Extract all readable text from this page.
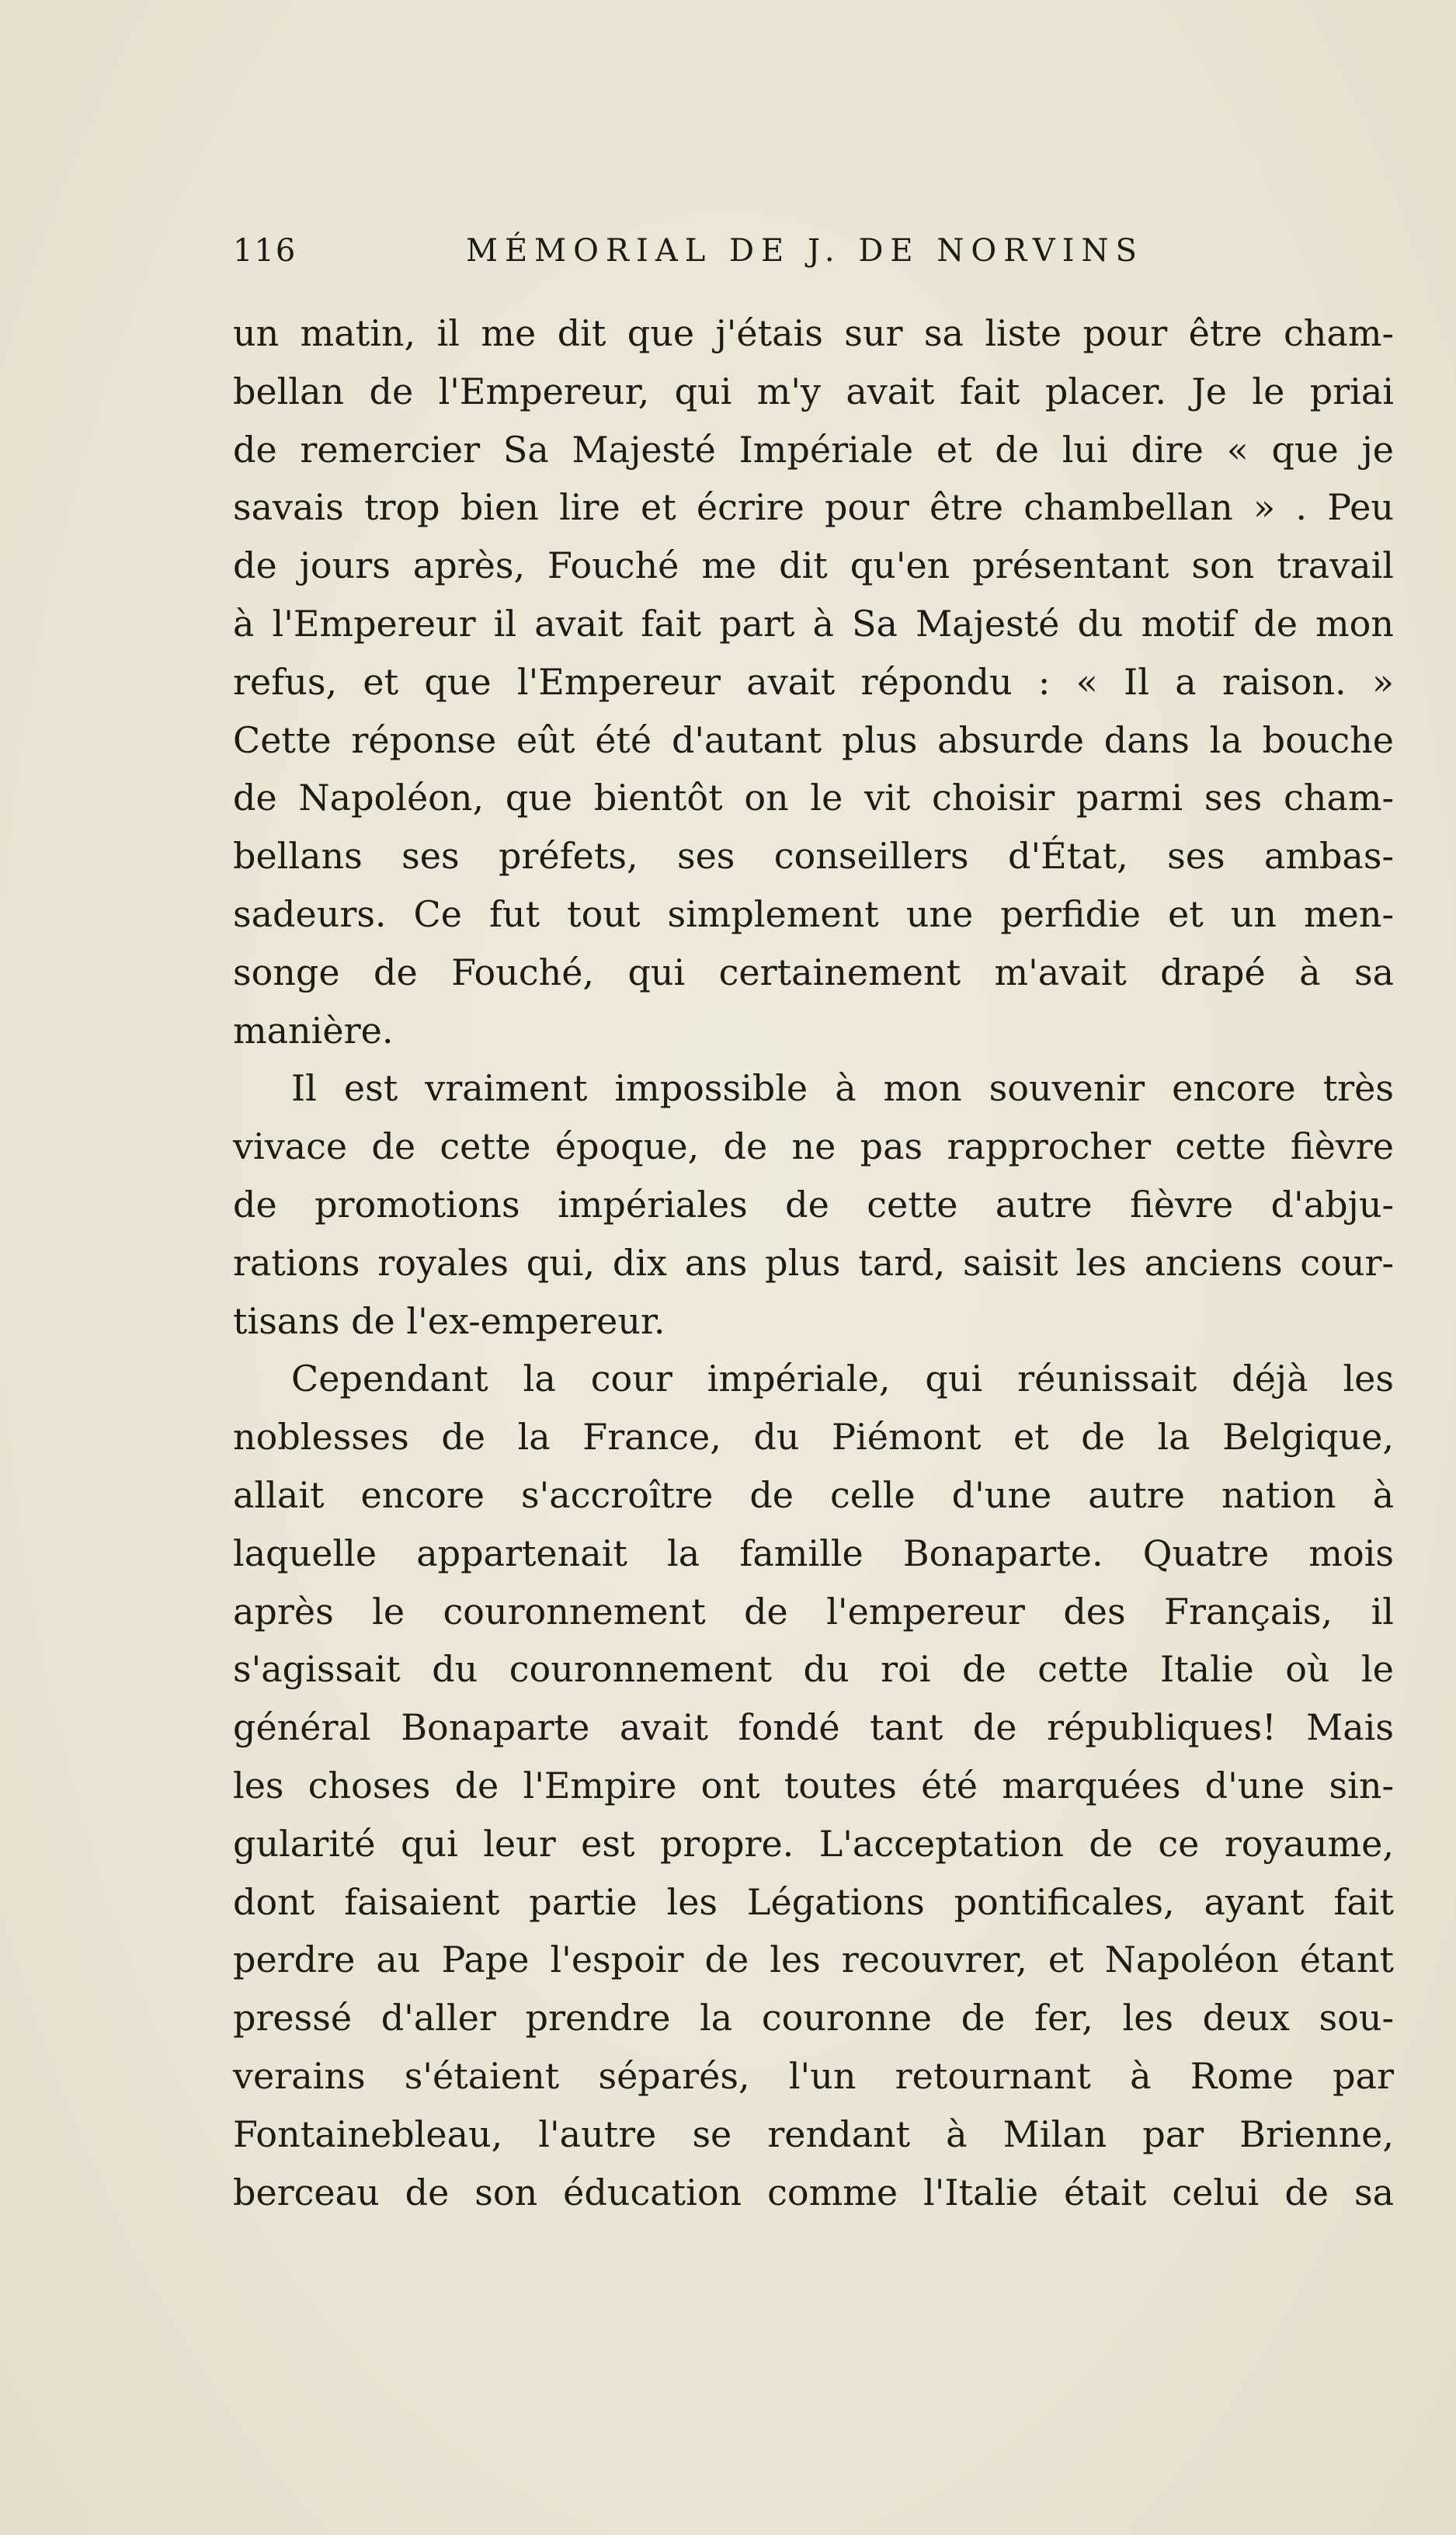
116	MÉMORIAL DE J. DE NORVINS
un matin, il me dit que j'étais sur sa liste pour être cham-
bellan de l'Empereur, qui m'y avait fait placer. Je le priai
de remercier Sa Majesté Impériale et de lui dire « que je
savais trop bien lire et écrire pour être chambellan » . Peu
de jours après, Fouché me dit qu'en présentant son travail
à l'Empereur il avait fait part à Sa Majesté du motif de mon
refus, et que l'Empereur avait répondu : « Il a raison. »
Cette réponse eût été d'autant plus absurde dans la bouche
de Napoléon, que bientôt on le vit choisir parmi ses cham-
bellans ses préfets, ses conseillers d'État, ses ambas-
sadeurs. Ce fut tout simplement une perfidie et un men-
songe de Fouché, qui certainement m'avait drapé à sa
manière.
Il est vraiment impossible à mon souvenir encore très
vivace de cette époque, de ne pas rapprocher cette fièvre
de promotions impériales de cette autre fièvre d'abju-
rations royales qui, dix ans plus tard, saisit les anciens cour-
tisans de l'ex-empereur.
Cependant la cour impériale, qui réunissait déjà les
noblesses de la France, du Piémont et de la Belgique,
allait encore s'accroître de celle d'une autre nation à
laquelle appartenait la famille Bonaparte. Quatre mois
après le couronnement de l'empereur des Français, il
s'agissait du couronnement du roi de cette Italie où le
général Bonaparte avait fondé tant de républiques! Mais
les choses de l'Empire ont toutes été marquées d'une sin-
gularité qui leur est propre. L'acceptation de ce royaume,
dont faisaient partie les Légations pontificales, ayant fait
perdre au Pape l'espoir de les recouvrer, et Napoléon étant
pressé d'aller prendre la couronne de fer, les deux sou-
verains s'étaient séparés, l'un retournant à Rome par
Fontainebleau, l'autre se rendant à Milan par Brienne,
berceau de son éducation comme l'Italie était celui de sa
